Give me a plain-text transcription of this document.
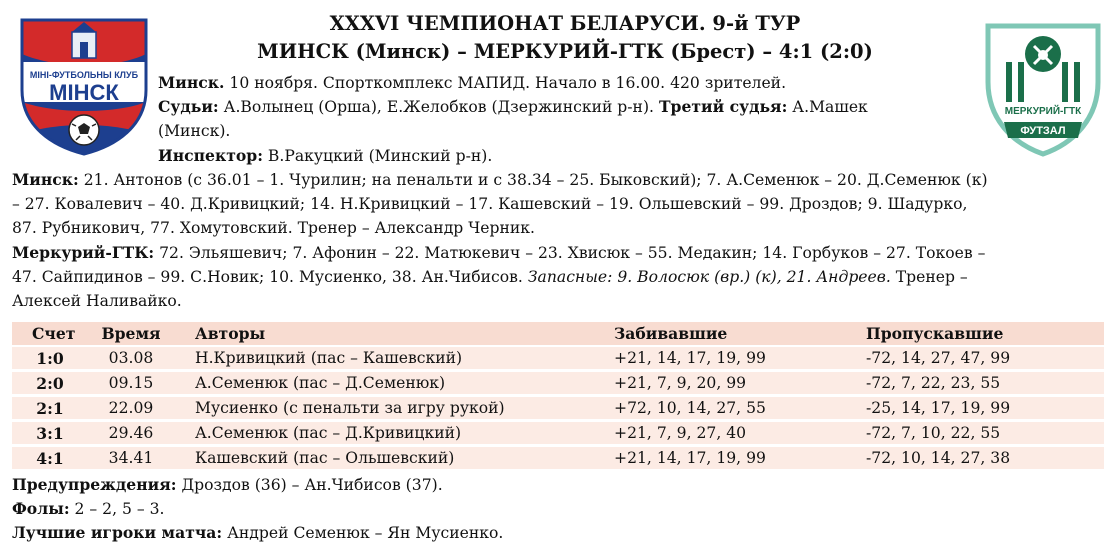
МІНІ-ФУТБОЛЬНЫ КЛУБ
МІНСК
МЕРКУРИЙ-ГТК
ФУТЗАЛ
XXXVI ЧЕМПИОНАТ БЕЛАРУСИ. 9-й ТУР
МИНСК (Минск) – МЕРКУРИЙ-ГТК (Брест) – 4:1 (2:0)
Минск. 10 ноября. Спорткомплекс МАПИД. Начало в 16.00. 420 зрителей.
Судьи: А.Волынец (Орша), Е.Желобков (Дзержинский р-н). Третий судья: А.Машек
(Минск).
Инспектор: В.Ракуцкий (Минский р-н).
Минск: 21. Антонов (с 36.01 – 1. Чурилин; на пенальти и с 38.34 – 25. Быковский); 7. А.Семенюк – 20. Д.Семенюк (к)
– 27. Ковалевич – 40. Д.Кривицкий; 14. Н.Кривицкий – 17. Кашевский – 19. Ольшевский – 99. Дроздов; 9. Шадурко,
87. Рубникович, 77. Хомутовский. Тренер – Александр Черник.
Меркурий-ГТК: 72. Эльяшевич; 7. Афонин – 22. Матюкевич – 23. Хвисюк – 55. Медакин; 14. Горбуков – 27. Токоев –
47. Сайпидинов – 99. С.Новик; 10. Мусиенко, 38. Ан.Чибисов. Запасные: 9. Волосюк (вр.) (к), 21. Андреев. Тренер –
Алексей Наливайко.
Счет Время Авторы	Забивавшие	Пропускавшие
1:0	03.08	Н.Кривицкий (пас – Кашевский)	+21, 14, 17, 19, 99	-72, 14, 27, 47, 99
2:0	09.15	А.Семенюк (пас – Д.Семенюк)	+21, 7, 9, 20, 99	-72, 7, 22, 23, 55
2:1	22.09	Мусиенко (с пенальти за игру рукой)	+72, 10, 14, 27, 55	-25, 14, 17, 19, 99
3:1	29.46	А.Семенюк (пас – Д.Кривицкий)	+21, 7, 9, 27, 40	-72, 7, 10, 22, 55
4:1	34.41	Кашевский (пас – Ольшевский)	+21, 14, 17, 19, 99	-72, 10, 14, 27, 38
Предупреждения: Дроздов (36) – Ан.Чибисов (37).
Фолы: 2 – 2, 5 – 3.
Лучшие игроки матча: Андрей Семенюк – Ян Мусиенко.
